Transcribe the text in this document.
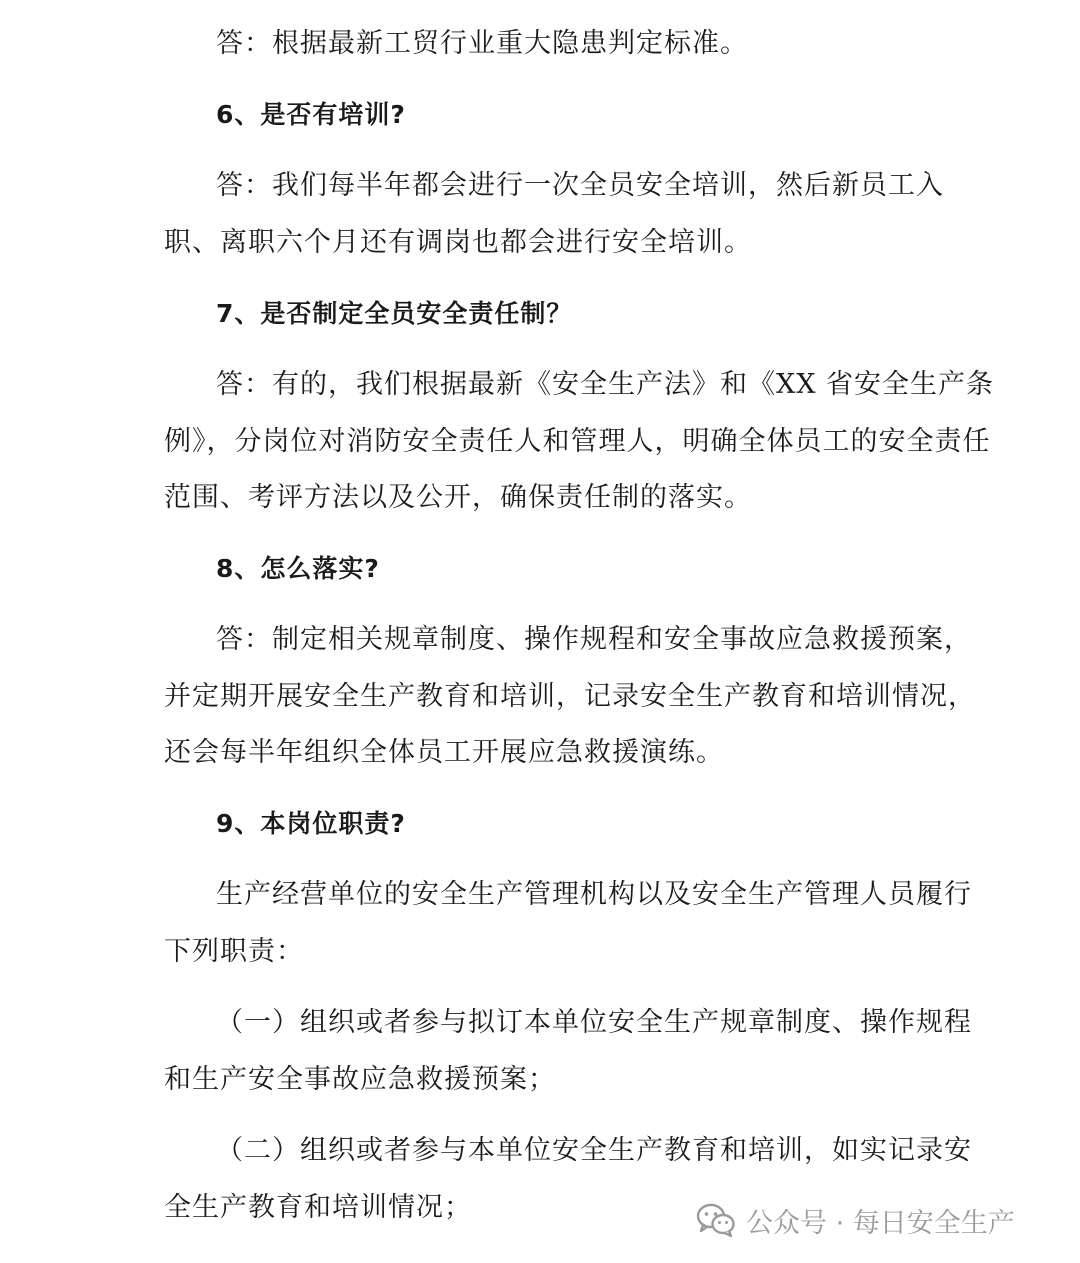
答：根据最新工贸行业重大隐患判定标准。
6、是否有培训?
答：我们每半年都会进行一次全员安全培训，然后新员工入
职、离职六个月还有调岗也都会进行安全培训。
7、是否制定全员安全责任制？
答：有的，我们根据最新《安全生产法》和《XX 省安全生产条
例》，分岗位对消防安全责任人和管理人，明确全体员工的安全责任
范围、考评方法以及公开，确保责任制的落实。
8、怎么落实?
答：制定相关规章制度、操作规程和安全事故应急救援预案，
并定期开展安全生产教育和培训，记录安全生产教育和培训情况，
还会每半年组织全体员工开展应急救援演练。
9、本岗位职责?
生产经营单位的安全生产管理机构以及安全生产管理人员履行
下列职责：
（一）组织或者参与拟订本单位安全生产规章制度、操作规程
和生产安全事故应急救援预案；
（二）组织或者参与本单位安全生产教育和培训，如实记录安
全生产教育和培训情况；	公众号 · 每日安全生产
